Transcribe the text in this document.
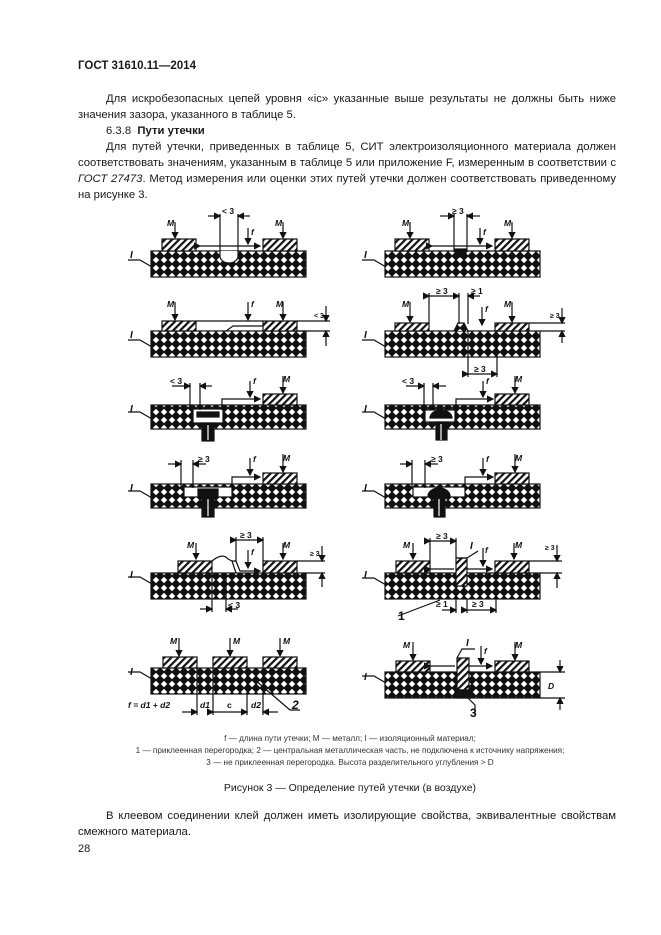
ГОСТ 31610.11—2014
Для искробезопасных цепей уровня «ic» указанные выше результаты не должны быть ниже значения зазора, указанного в таблице 5.
6.3.8 Пути утечки
Для путей утечки, приведенных в таблице 5, СИТ электроизоляционного материала должен соответствовать значениям, указанным в таблице 5 или приложение F, измеренным в соответствии с ГОСТ 27473. Метод измерения или оценки этих путей утечки должен соответствовать приведенному на рисунке 3.
M	M
f
I
< 3
M	M
f
I
≥ 3
M	M
f
I
< 3
M	M
f
I
≥ 3	≥ 1
≥ 3
≥ 3
< 3	f	M
I
< 3	f	M
I
≥ 3	f	M
I
≥ 3	f	M
I
M	M
f
I
≥ 3
< 3
≥ 3
M	M
f
I
I
≥ 3
≥ 1	≥ 3
≥ 3
1
M	M	M
I
f = d1 + d2	d1 c d2	2
M	M
f
I
I
D
3
f — длина пути утечки; M — металл; I — изоляционный материал;
1 — приклеенная перегородка; 2 — центральная металлическая часть, не подключена к источнику напряжения;
3 — не приклеенная перегородка. Высота разделительного углубления > D
Рисунок 3 — Определение путей утечки (в воздухе)
В клеевом соединении клей должен иметь изолирующие свойства, эквивалентные свойствам смежного материала.
28
